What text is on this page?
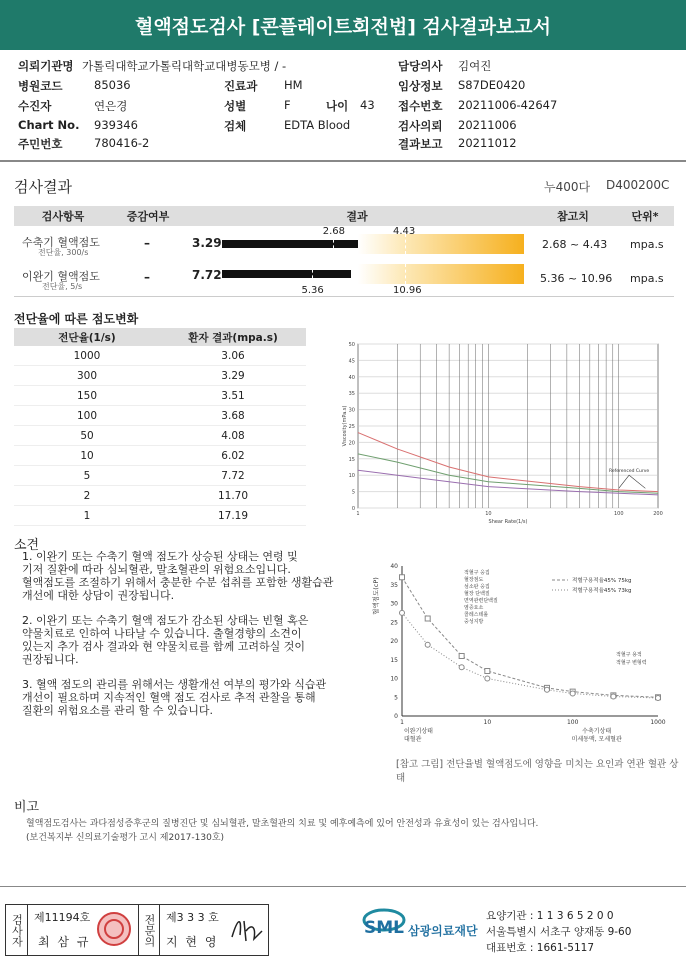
혈액점도검사 [콘플레이트회전법] 검사결과보고서
의뢰기관명 가톨릭대학교가톨릭대학교대병동모병 / -	담당의사 김여진
병원코드	85036	진료과 HM	임상정보 S87DE0420
수진자	연은경	성별	F	나이 43 접수번호 20211006-42647
Chart No. 939346	검체	EDTA Blood	검사의뢰 20211006
주민번호	780416-2	결과보고 20211012
검사결과	누400다 D400200C
검사항목	증감여부	결과	참고치	단위*
수축기 혈액점도
전단율, 300/s
–	3.29
2.68	4.43
2.68 ~ 4.43 mpa.s
이완기 혈액점도
전단율, 5/s
–	7.72
5.36	10.96
5.36 ~ 10.96 mpa.s
전단율에 따른 점도변화
전단율(1/s)	환자 결과(mpa.s)
1000	3.06
300	3.29
150	3.51
100	3.68
50	4.08
10	6.02
5	7.72
2	11.70
1	17.19
0
5
10
15
20
25
30
35
40
45
50
1	10	100	200
Shear Rate(1/s)
Viscosity(mPa.s)
Referenced Curve
소견

1. 이완기 또는 수축기 혈액 점도가 상승된 상태는 연령 및
기저 질환에 따라 심뇌혈관, 말초혈관의 위험요소입니다.
혈액점도를 조절하기 위해서 충분한 수분 섭취를 포함한 생활습관
개선에 대한 상담이 권장됩니다.

2. 이완기 또는 수축기 혈액 점도가 감소된 상태는 빈혈 혹은
약물치료로 인하여 나타날 수 있습니다. 출혈경향의 소견이
있는지 추가 검사 결과와 현 약물치료를 함께 고려하실 것이
권장됩니다.

3. 혈액 점도의 관리를 위해서는 생활개선 여부의 평가와 식습관
개선이 필요하며 지속적인 혈액 점도 검사로 추적 관찰을 통해
질환의 위험요소를 관리 할 수 있습니다.	0
5
10
15
20
25
30
35
40
1	10	100	1000
혈액점도(cP)
이완기상태
대혈관
수축기상태
미세동맥, 모세혈관
적혈구 응집
혈장점도
섬소판 응집
혈장 단백질
면역관련단백질
염증요소
콜레스테롤
중성지방
적혈구 용적
적혈구 변형력
적혈구용적율45% 75kg
적혈구용적율45% 73kg
[참고 그림] 전단율별 혈액점도에 영향을 미치는 요인과 연관 혈관 상태
비고
혈액점도검사는 과다점성증후군의 질병진단 및 심뇌혈관, 말초혈관의 치료 및 예후예측에 있어 안전성과 유효성이 있는 검사입니다.
(보건복지부 신의료기술평가 고시 제2017-130호)
검사자 제11194호
최 삼 규	전문의 제3 3 3 호
지 현 영
SML 삼광의료재단
요양기관 : 1 1 3 6 5 2 0 0
서울특별시 서초구 양재동 9-60
대표번호 : 1661-5117
